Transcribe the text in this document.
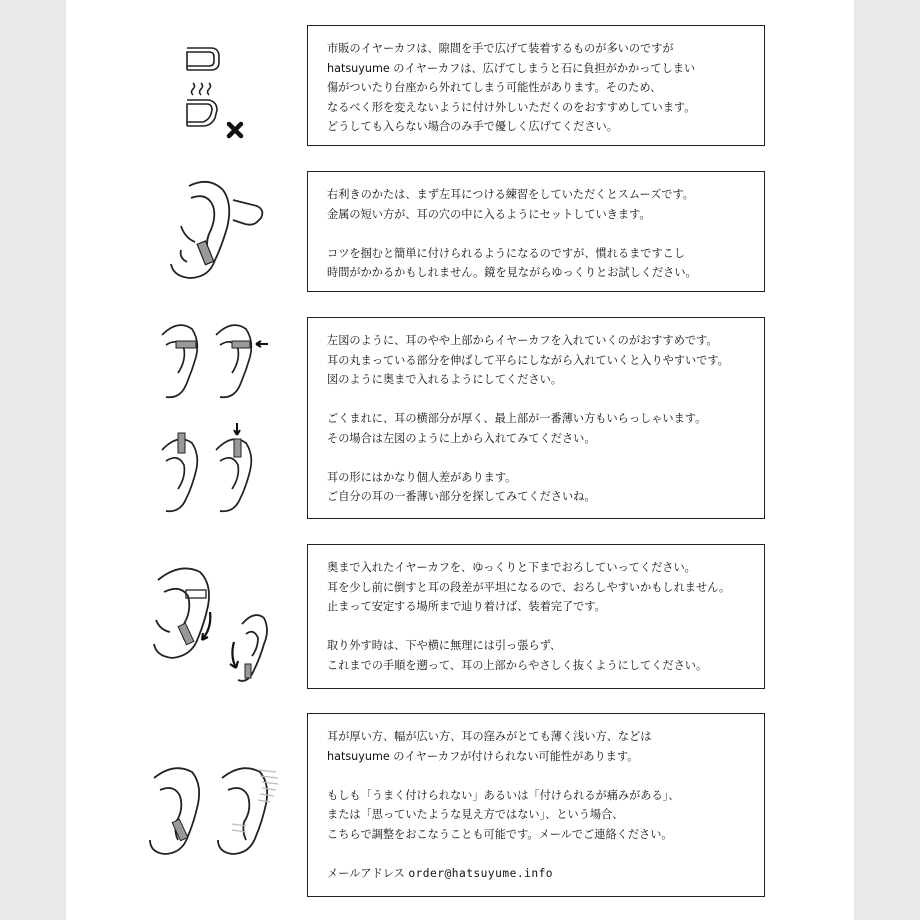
市販のイヤーカフは、隙間を手で広げて装着するものが多いのですが

hatsuyume のイヤーカフは、広げてしまうと石に負担がかかってしまい

傷がついたり台座から外れてしまう可能性があります。そのため、

なるべく形を変えないように付け外しいただくのをおすすめしています。

どうしても入らない場合のみ手で優しく広げてください。

右利きのかたは、まず左耳につける練習をしていただくとスムーズです。

金属の短い方が、耳の穴の中に入るようにセットしていきます。

コツを掴むと簡単に付けられるようになるのですが、慣れるまですこし

時間がかかるかもしれません。鏡を見ながらゆっくりとお試しください。

左図のように、耳のやや上部からイヤーカフを入れていくのがおすすめです。

耳の丸まっている部分を伸ばして平らにしながら入れていくと入りやすいです。

図のように奥まで入れるようにしてください。

ごくまれに、耳の横部分が厚く、最上部が一番薄い方もいらっしゃいます。

その場合は左図のように上から入れてみてください。

耳の形にはかなり個人差があります。

ご自分の耳の一番薄い部分を探してみてくださいね。

奥まで入れたイヤーカフを、ゆっくりと下までおろしていってください。

耳を少し前に倒すと耳の段差が平坦になるので、おろしやすいかもしれません。

止まって安定する場所まで辿り着けば、装着完了です。

取り外す時は、下や横に無理には引っ張らず、

これまでの手順を遡って、耳の上部からやさしく抜くようにしてください。

耳が厚い方、幅が広い方、耳の窪みがとても薄く浅い方、などは

hatsuyume のイヤーカフが付けられない可能性があります。

もしも「うまく付けられない」あるいは「付けられるが痛みがある」、

または「思っていたような見え方ではない」、という場合、

こちらで調整をおこなうことも可能です。メールでご連絡ください。

メールアドレス order@hatsuyume.info
